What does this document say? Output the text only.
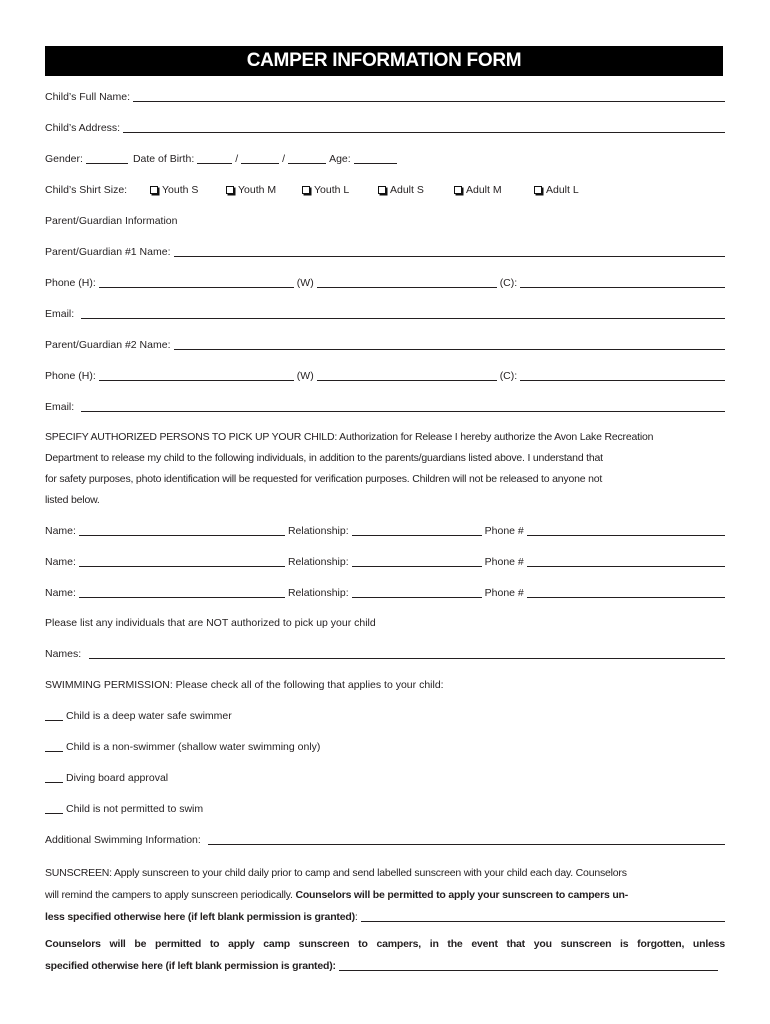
CAMPER INFORMATION FORM
Child’s Full Name:
Child’s Address:
Gender:	Date of Birth:	/	/	Age:
Child’s Shirt Size:	Youth S	Youth M	Youth L	Adult S	Adult M	Adult L
Parent/Guardian Information
Parent/Guardian #1 Name:
Phone (H):	(W)	(C):
Email:
Parent/Guardian #2 Name:
Phone (H):	(W)	(C):
Email:
SPECIFY AUTHORIZED PERSONS TO PICK UP YOUR CHILD: Authorization for Release I hereby authorize the Avon Lake Recreation
Department to release my child to the following individuals, in addition to the parents/guardians listed above. I understand that
for safety purposes, photo identification will be requested for verification purposes. Children will not be released to anyone not
listed below.
Name:	Relationship:	Phone #
Name:	Relationship:	Phone #
Name:	Relationship:	Phone #
Please list any individuals that are NOT authorized to pick up your child
Names:
SWIMMING PERMISSION: Please check all of the following that applies to your child:
Child is a deep water safe swimmer
Child is a non-swimmer (shallow water swimming only)
Diving board approval
Child is not permitted to swim
Additional Swimming Information:
SUNSCREEN: Apply sunscreen to your child daily prior to camp and send labelled sunscreen with your child each day. Counselors
will remind the campers to apply sunscreen periodically. Counselors will be permitted to apply your sunscreen to campers un-
less specified otherwise here (if left blank permission is granted) :
Counselors will be permitted to apply camp sunscreen to campers, in the event that you sunscreen is forgotten, unless
specified otherwise here (if left blank permission is granted):
